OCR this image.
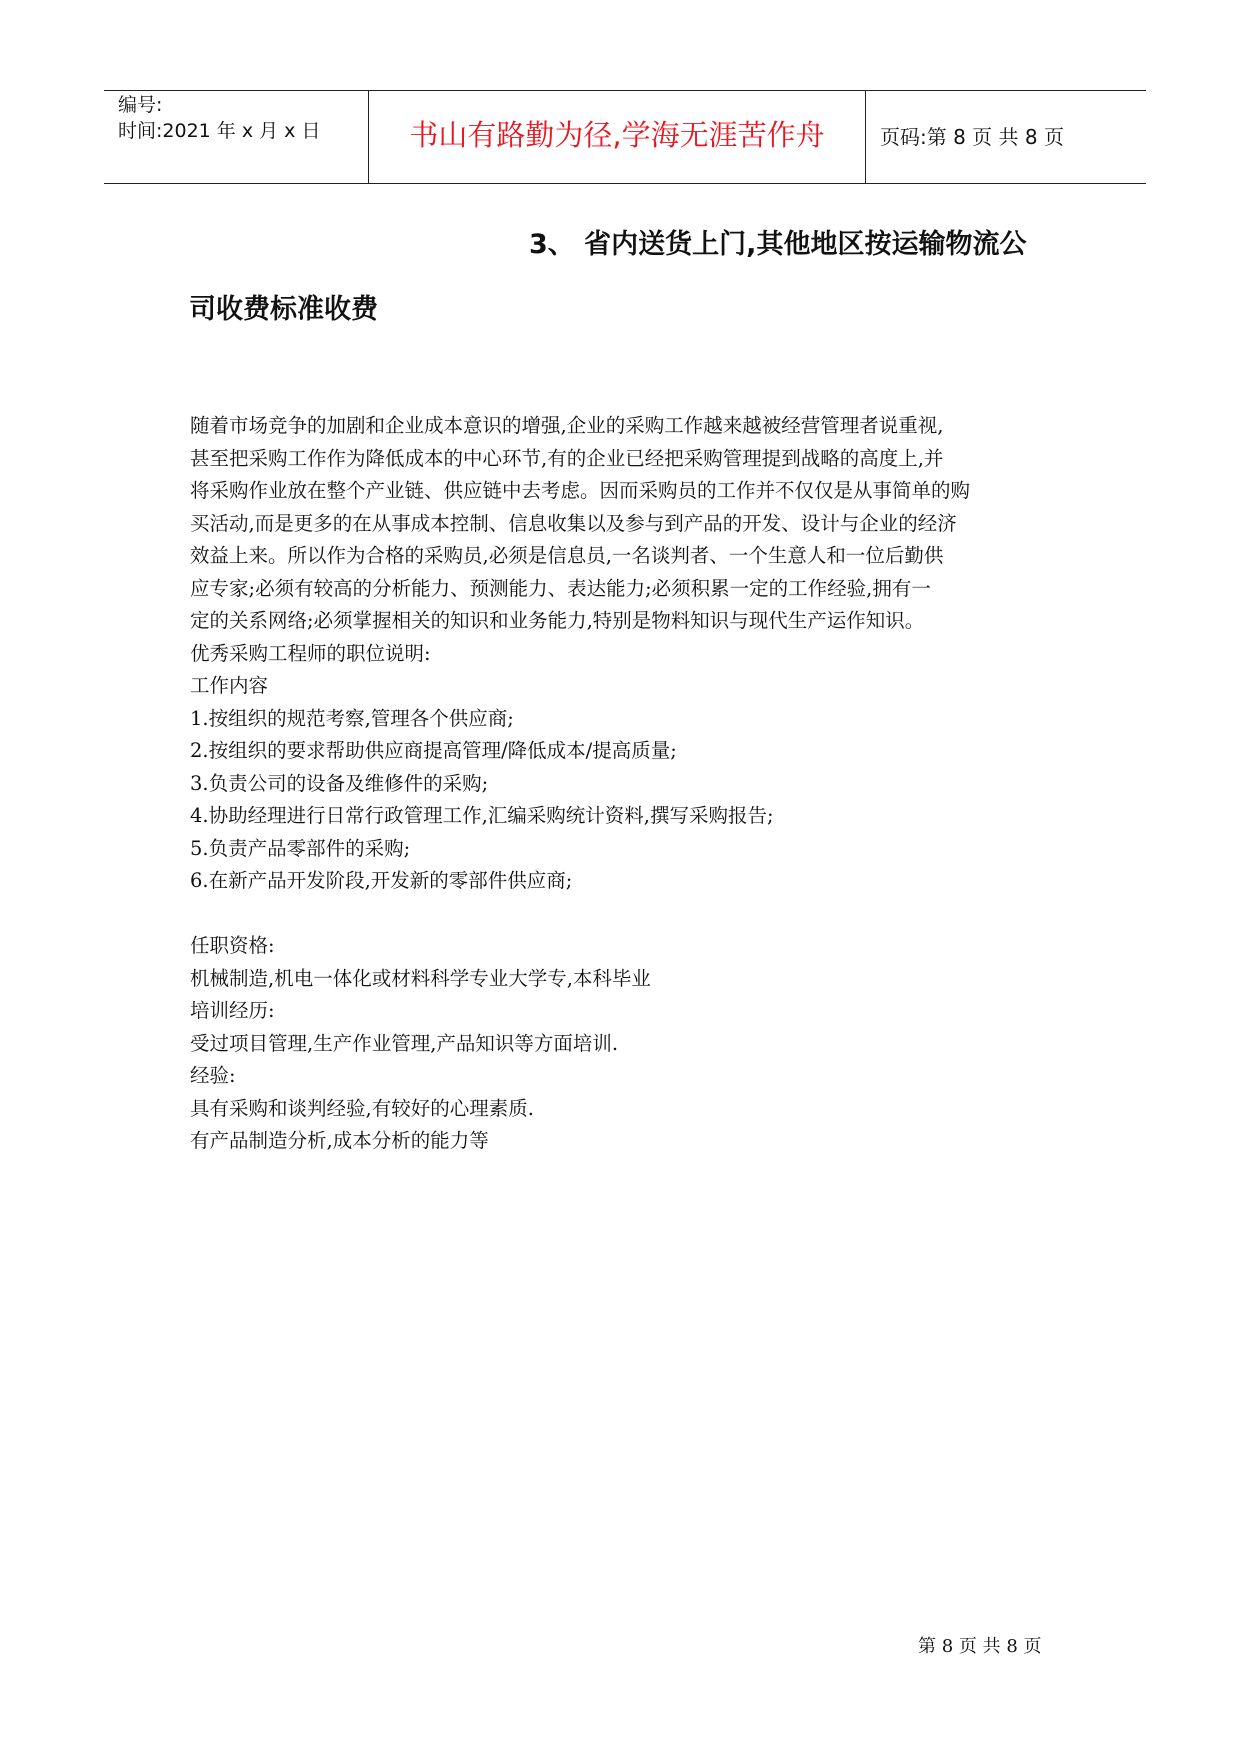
编号:
时间:2021 年 x 月 x 日	书山有路勤为径,学海无涯苦作舟	页码:第 8 页 共 8 页
3、 省内送货上门,其他地区按运输物流公
司收费标准收费
随着市场竞争的加剧和企业成本意识的增强,企业的采购工作越来越被经营管理者说重视,
甚至把采购工作作为降低成本的中心环节,有的企业已经把采购管理提到战略的高度上,并
将采购作业放在整个产业链、供应链中去考虑。因而采购员的工作并不仅仅是从事简单的购
买活动,而是更多的在从事成本控制、信息收集以及参与到产品的开发、设计与企业的经济
效益上来。所以作为合格的采购员,必须是信息员,一名谈判者、一个生意人和一位后勤供
应专家;必须有较高的分析能力、预测能力、表达能力;必须积累一定的工作经验,拥有一
定的关系网络;必须掌握相关的知识和业务能力,特别是物料知识与现代生产运作知识。
优秀采购工程师的职位说明:
工作内容
1.按组织的规范考察,管理各个供应商;
2.按组织的要求帮助供应商提高管理/降低成本/提高质量;
3.负责公司的设备及维修件的采购;
4.协助经理进行日常行政管理工作,汇编采购统计资料,撰写采购报告;
5.负责产品零部件的采购;
6.在新产品开发阶段,开发新的零部件供应商;
任职资格:
机械制造,机电一体化或材料科学专业大学专,本科毕业
培训经历:
受过项目管理,生产作业管理,产品知识等方面培训.
经验:
具有采购和谈判经验,有较好的心理素质.
有产品制造分析,成本分析的能力等
第 8 页 共 8 页
